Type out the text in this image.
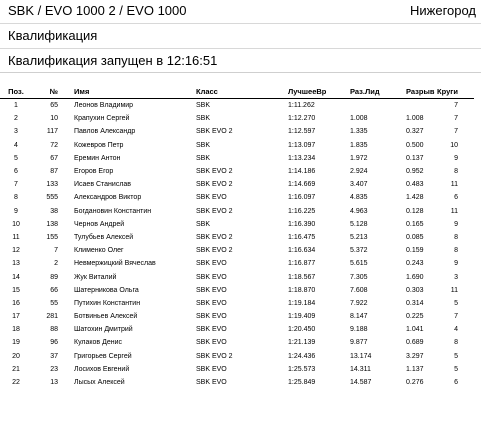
SBK / EVO 1000 2 / EVO 1000	Нижегород
Квалификация
Квалификация запущен в 12:16:51
Поз.	№	Имя	Класс	ЛучшееВр	Раз.Лид	Разрыв	Круги
1	65	Леонов Владимир	SBK	1:11.262			7
2	10	Крапухин Сергей	SBK	1:12.270	1.008	1.008	7
3	117	Павлов Александр	SBK EVO 2	1:12.597	1.335	0.327	7
4	72	Кожевров Петр	SBK	1:13.097	1.835	0.500	10
5	67	Еремин Антон	SBK	1:13.234	1.972	0.137	9
6	87	Егоров Егор	SBK EVO 2	1:14.186	2.924	0.952	8
7	133	Исаев Станислав	SBK EVO 2	1:14.669	3.407	0.483	11
8	555	Александров Виктор	SBK EVO	1:16.097	4.835	1.428	6
9	38	Богдановин Константин	SBK EVO 2	1:16.225	4.963	0.128	11
10	138	Чернов Андрей	SBK	1:16.390	5.128	0.165	9
11	155	Тулубьев Алексей	SBK EVO 2	1:16.475	5.213	0.085	8
12	7	Клименко Олег	SBK EVO 2	1:16.634	5.372	0.159	8
13	2	Невмержицкий Вячеслав	SBK EVO	1:16.877	5.615	0.243	9
14	89	Жук Виталий	SBK EVO	1:18.567	7.305	1.690	3
15	66	Шатерникова Ольга	SBK EVO	1:18.870	7.608	0.303	11
16	55	Путихин Константин	SBK EVO	1:19.184	7.922	0.314	5
17	281	Ботвиньев Алексей	SBK EVO	1:19.409	8.147	0.225	7
18	88	Шатохин Дмитрий	SBK EVO	1:20.450	9.188	1.041	4
19	96	Кулаков Денис	SBK EVO	1:21.139	9.877	0.689	8
20	37	Григорьев Сергей	SBK EVO 2	1:24.436	13.174	3.297	5
21	23	Лосихов Евгений	SBK EVO	1:25.573	14.311	1.137	5
22	13	Лысых Алексей	SBK EVO	1:25.849	14.587	0.276	6
